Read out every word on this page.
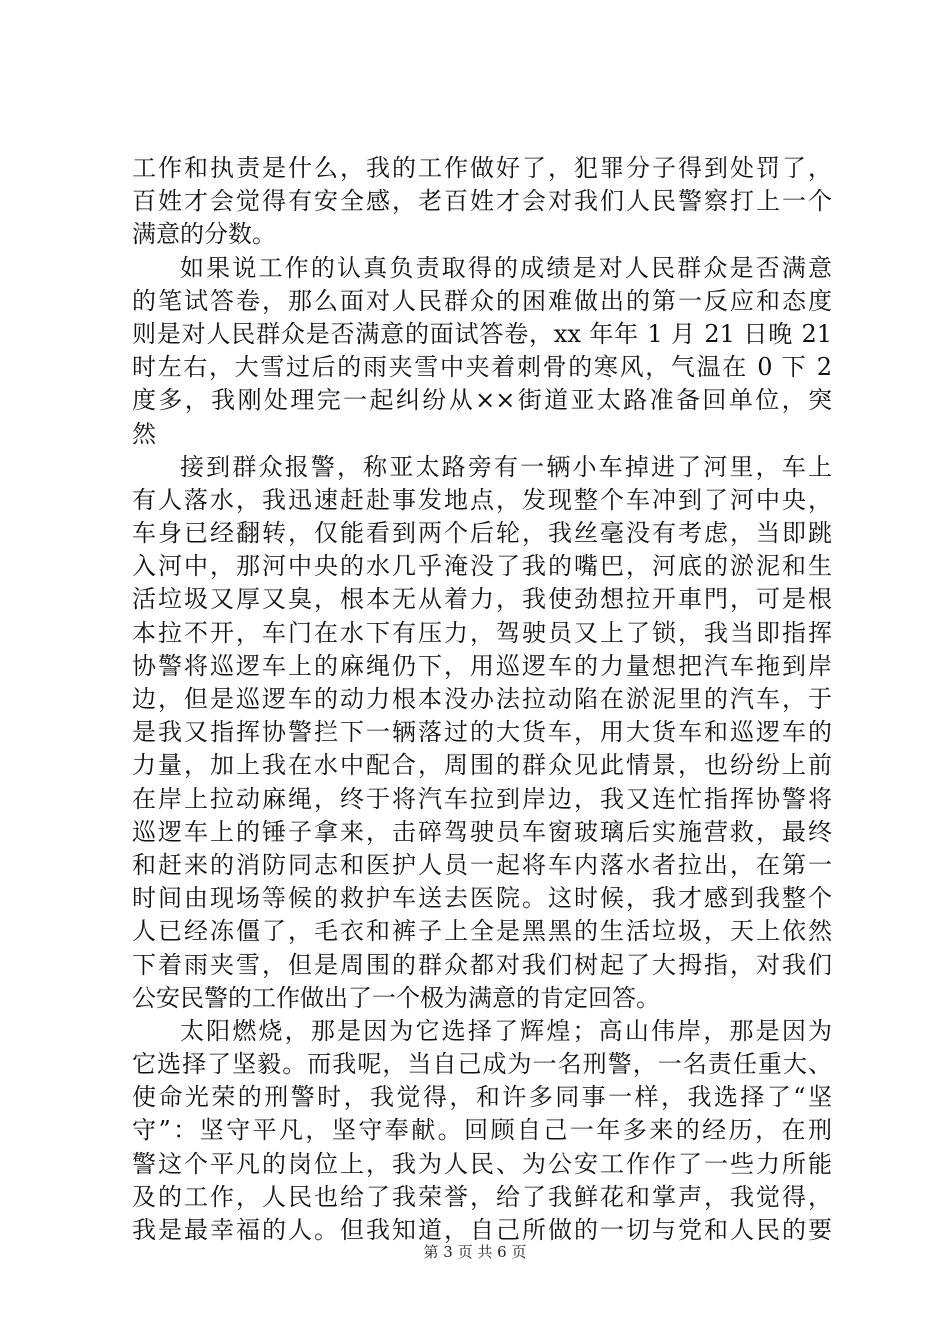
工作和执责是什么，我的工作做好了，犯罪分子得到处罚了，
百姓才会觉得有安全感，老百姓才会对我们人民警察打上一个
满意的分数。
如果说工作的认真负责取得的成绩是对人民群众是否满意
的笔试答卷，那么面对人民群众的困难做出的第一反应和态度
则是对人民群众是否满意的面试答卷，xx 年年 1 月 21 日晚 21
时左右，大雪过后的雨夹雪中夹着刺骨的寒风，气温在 0 下 2
度多，我刚处理完一起纠纷从××街道亚太路准备回单位，突
然
接到群众报警，称亚太路旁有一辆小车掉进了河里，车上
有人落水，我迅速赶赴事发地点，发现整个车冲到了河中央，
车身已经翻转，仅能看到两个后轮，我丝毫没有考虑，当即跳
入河中，那河中央的水几乎淹没了我的嘴巴，河底的淤泥和生
活垃圾又厚又臭，根本无从着力，我使劲想拉开車門，可是根
本拉不开，车门在水下有压力，驾驶员又上了锁，我当即指挥
协警将巡逻车上的麻绳仍下，用巡逻车的力量想把汽车拖到岸
边，但是巡逻车的动力根本没办法拉动陷在淤泥里的汽车，于
是我又指挥协警拦下一辆落过的大货车，用大货车和巡逻车的
力量，加上我在水中配合，周围的群众见此情景，也纷纷上前
在岸上拉动麻绳，终于将汽车拉到岸边，我又连忙指挥协警将
巡逻车上的锤子拿来，击碎驾驶员车窗玻璃后实施营救，最终
和赶来的消防同志和医护人员一起将车内落水者拉出，在第一
时间由现场等候的救护车送去医院。这时候，我才感到我整个
人已经冻僵了，毛衣和裤子上全是黑黑的生活垃圾，天上依然
下着雨夹雪，但是周围的群众都对我们树起了大拇指，对我们
公安民警的工作做出了一个极为满意的肯定回答。
太阳燃烧，那是因为它选择了辉煌；高山伟岸，那是因为
它选择了坚毅。而我呢，当自己成为一名刑警，一名责任重大、
使命光荣的刑警时，我觉得，和许多同事一样，我选择了“坚
守”：坚守平凡，坚守奉献。回顾自己一年多来的经历，在刑
警这个平凡的岗位上，我为人民、为公安工作作了一些力所能
及的工作，人民也给了我荣誉，给了我鲜花和掌声，我觉得，
我是最幸福的人。但我知道，自己所做的一切与党和人民的要
第 3 页 共 6 页
